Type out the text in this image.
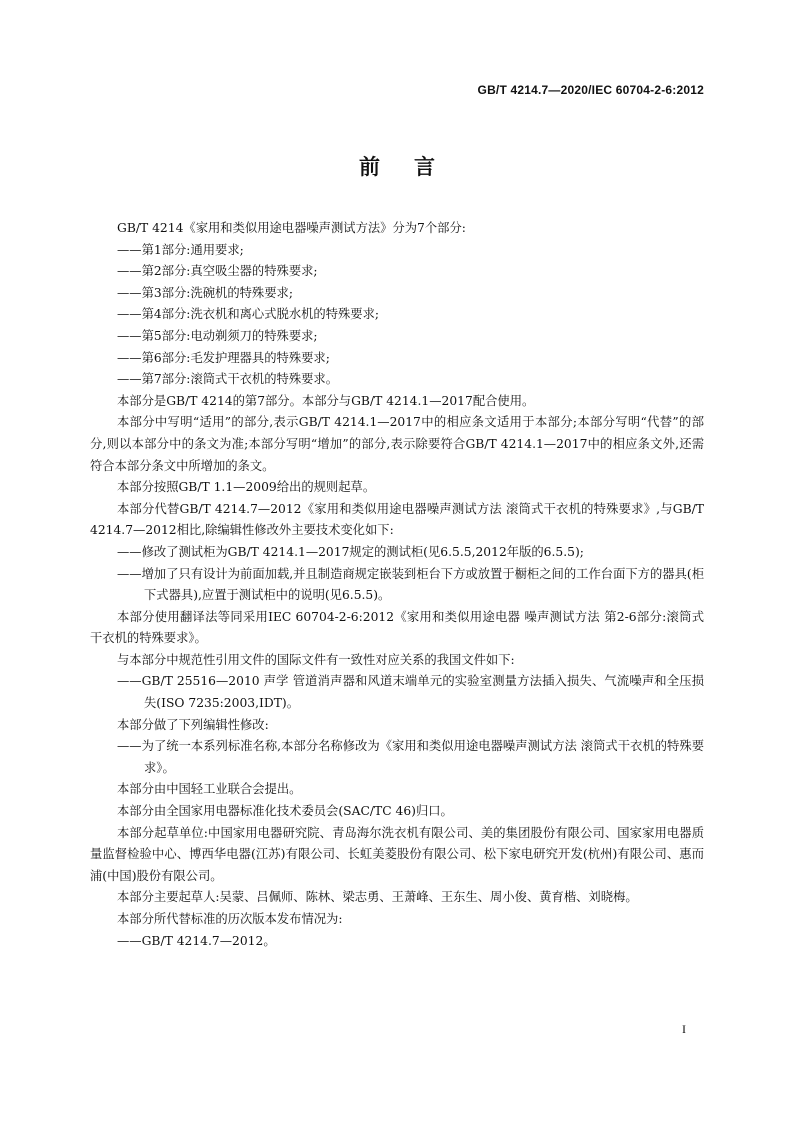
GB/T 4214.7—2020/IEC 60704-2-6:2012
前 言

GB/T 4214《家用和类似用途电器噪声测试方法》分为7个部分:

——第1部分:通用要求;

——第2部分:真空吸尘器的特殊要求;

——第3部分:洗碗机的特殊要求;

——第4部分:洗衣机和离心式脱水机的特殊要求;

——第5部分:电动剃须刀的特殊要求;

——第6部分:毛发护理器具的特殊要求;

——第7部分:滚筒式干衣机的特殊要求。

本部分是GB/T 4214的第7部分。本部分与GB/T 4214.1—2017配合使用。

本部分中写明“适用”的部分,表示GB/T 4214.1—2017中的相应条文适用于本部分;本部分写明“代替”的部分,则以本部分中的条文为准;本部分写明“增加”的部分,表示除要符合GB/T 4214.1—2017中的相应条文外,还需符合本部分条文中所增加的条文。

本部分按照GB/T 1.1—2009给出的规则起草。

本部分代替GB/T 4214.7—2012《家用和类似用途电器噪声测试方法 滚筒式干衣机的特殊要求》,与GB/T 4214.7—2012相比,除编辑性修改外主要技术变化如下:

——修改了测试柜为GB/T 4214.1—2017规定的测试柜(见6.5.5,2012年版的6.5.5);

——增加了只有设计为前面加载,并且制造商规定嵌装到柜台下方或放置于橱柜之间的工作台面下方的器具(柜下式器具),应置于测试柜中的说明(见6.5.5)。

本部分使用翻译法等同采用IEC 60704-2-6:2012《家用和类似用途电器 噪声测试方法 第2-6部分:滚筒式干衣机的特殊要求》。

与本部分中规范性引用文件的国际文件有一致性对应关系的我国文件如下:

——GB/T 25516—2010 声学 管道消声器和风道末端单元的实验室测量方法插入损失、气流噪声和全压损失(ISO 7235:2003,IDT)。

本部分做了下列编辑性修改:

——为了统一本系列标准名称,本部分名称修改为《家用和类似用途电器噪声测试方法 滚筒式干衣机的特殊要求》。

本部分由中国轻工业联合会提出。

本部分由全国家用电器标准化技术委员会(SAC/TC 46)归口。

本部分起草单位:中国家用电器研究院、青岛海尔洗衣机有限公司、美的集团股份有限公司、国家家用电器质量监督检验中心、博西华电器(江苏)有限公司、长虹美菱股份有限公司、松下家电研究开发(杭州)有限公司、惠而浦(中国)股份有限公司。

本部分主要起草人:吴蒙、吕佩师、陈林、梁志勇、王萧峰、王东生、周小俊、黄育楷、刘晓梅。

本部分所代替标准的历次版本发布情况为:

——GB/T 4214.7—2012。

I
